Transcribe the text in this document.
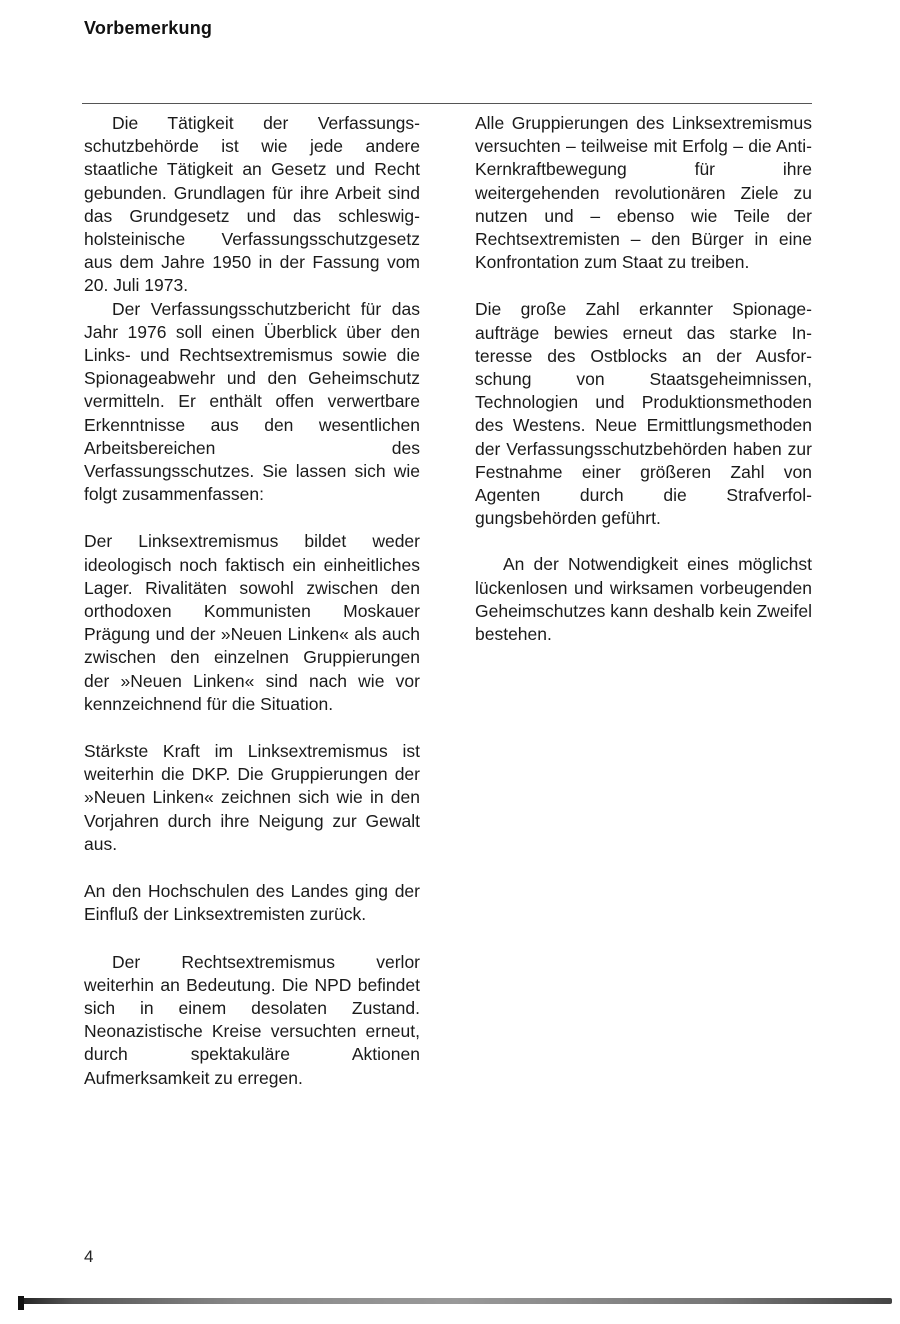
Vorbemerkung

Die Tätigkeit der Verfassungsschutzbehörde ist wie jede andere staatliche Tätigkeit an Gesetz und Recht gebunden. Grundlagen für ihre Arbeit sind das Grundgesetz und das schleswig-holsteinische Verfassungsschutzgesetz aus dem Jahre 1950 in der Fassung vom 20. Juli 1973.

Der Verfassungsschutzbericht für das Jahr 1976 soll einen Überblick über den Links- und Rechtsextremismus sowie die Spionageabwehr und den Geheimschutz vermitteln. Er enthält offen verwertbare Erkenntnisse aus den wesentlichen Arbeitsbereichen des Verfassungsschutzes. Sie lassen sich wie folgt zusammenfassen:

Der Linksextremismus bildet weder ideologisch noch faktisch ein einheitliches Lager. Rivalitäten sowohl zwischen den orthodoxen Kommunisten Moskauer Prägung und der »Neuen Linken« als auch zwischen den einzelnen Gruppierungen der »Neuen Linken« sind nach wie vor kennzeichnend für die Situation.

Stärkste Kraft im Linksextremismus ist weiterhin die DKP. Die Gruppierungen der »Neuen Linken« zeichnen sich wie in den Vorjahren durch ihre Neigung zur Gewalt aus.

An den Hochschulen des Landes ging der Einfluß der Linksextremisten zurück.

Der Rechtsextremismus verlor weiterhin an Bedeutung. Die NPD befindet sich in einem desolaten Zustand. Neonazistische Kreise versuchten erneut, durch spektakuläre Aktionen Aufmerksamkeit zu erregen.

Alle Gruppierungen des Linksextremismus versuchten – teilweise mit Erfolg – die Anti-Kernkraftbewegung für ihre weitergehenden revolutionären Ziele zu nutzen und – ebenso wie Teile der Rechtsextremisten – den Bürger in eine Konfrontation zum Staat zu treiben.

Die große Zahl erkannter Spionageaufträge bewies erneut das starke Interesse des Ostblocks an der Ausforschung von Staatsgeheimnissen, Technologien und Produktionsmethoden des Westens. Neue Ermittlungsmethoden der Verfassungsschutzbehörden haben zur Festnahme einer größeren Zahl von Agenten durch die Strafverfolgungsbehörden geführt.

An der Notwendigkeit eines möglichst lückenlosen und wirksamen vorbeugenden Geheimschutzes kann deshalb kein Zweifel bestehen.

4
